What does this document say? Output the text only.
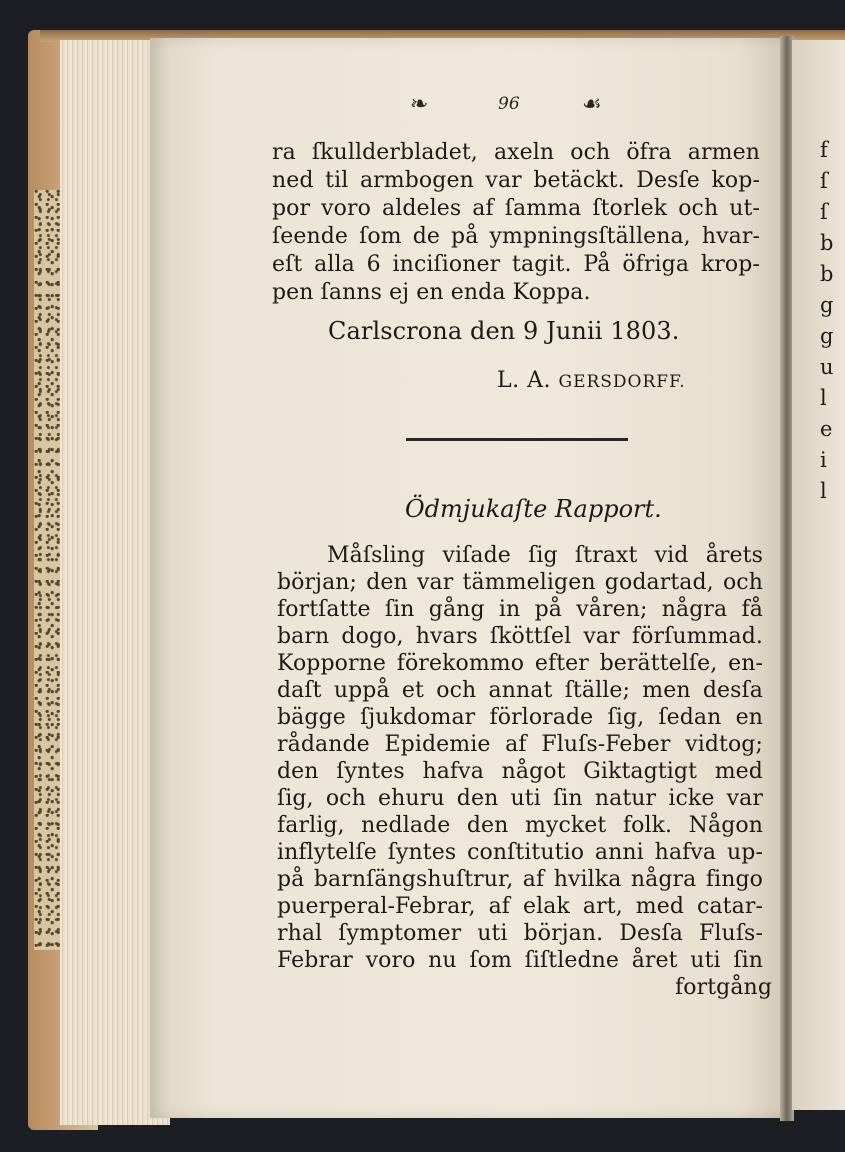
❧	96	☙
ra ſkullderbladet, axeln och öfra armen
ned til armbogen var betäckt. Desſe kop-
por voro aldeles af ſamma ſtorlek och ut-
ſeende ſom de på ympningsſtällena, hvar-
eſt alla 6 inciſioner tagit. På öfriga krop-
pen ſanns ej en enda Koppa.
Carlscrona den 9 Junii 1803.
L. A. GERSDORFF.
Ödmjukaſte Rapport.
Måſsling viſade ſig ſtraxt vid årets
början; den var tämmeligen godartad, och
fortſatte ſin gång in på våren; några få
barn dogo, hvars ſköttſel var förſummad.
Kopporne förekommo efter berättelſe, en-
daſt uppå et och annat ſtälle; men desſa
bägge ſjukdomar förlorade ſig, ſedan en
rådande Epidemie af Fluſs-Feber vidtog;
den ſyntes hafva något Giktagtigt med
ſig, och ehuru den uti ſin natur icke var
farlig, nedlade den mycket folk. Någon
inflytelſe ſyntes conſtitutio anni hafva up-
på barnſängshuſtrur, af hvilka några fingo
puerperal-Febrar, af elak art, med catar-
rhal ſymptomer uti början. Desſa Fluſs-
Febrar voro nu ſom ſiſtledne året uti ſin
fortgång
f
ſ
ſ
b
b
g
g
u
l
e
i
l
